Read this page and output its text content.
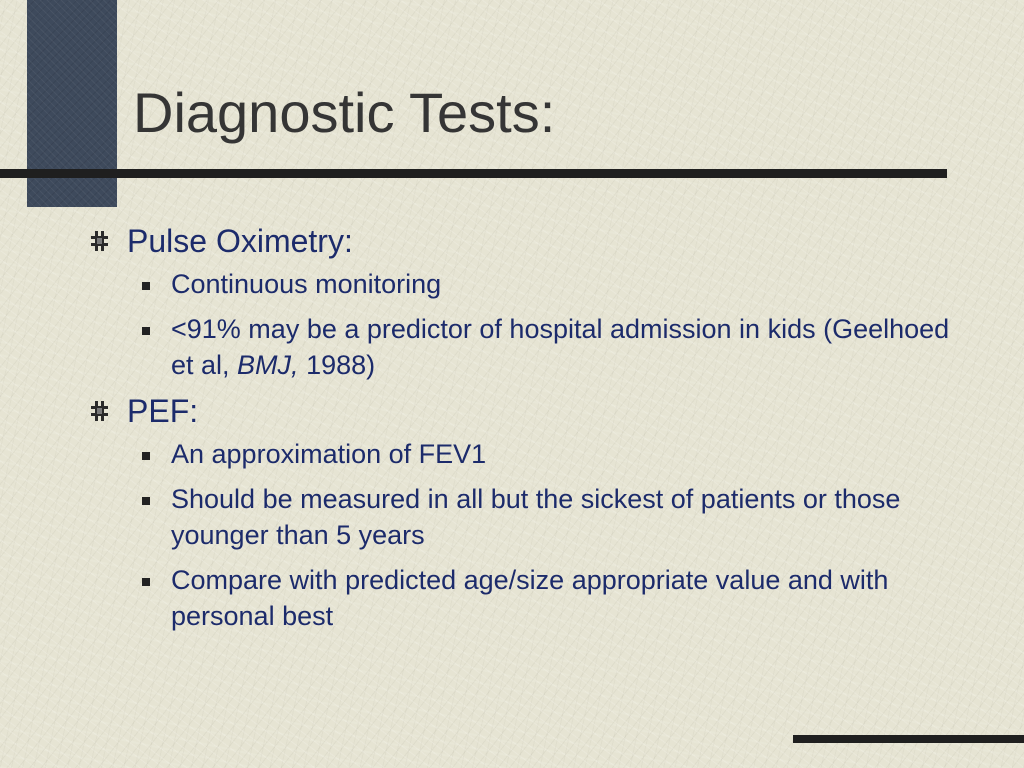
Diagnostic Tests:

Pulse Oximetry:

Continuous monitoring

<91% may be a predictor of hospital admission in kids (Geelhoed et al, BMJ, 1988)

PEF:

An approximation of FEV1

Should be measured in all but the sickest of patients or those younger than 5 years

Compare with predicted age/size appropriate value and with personal best
